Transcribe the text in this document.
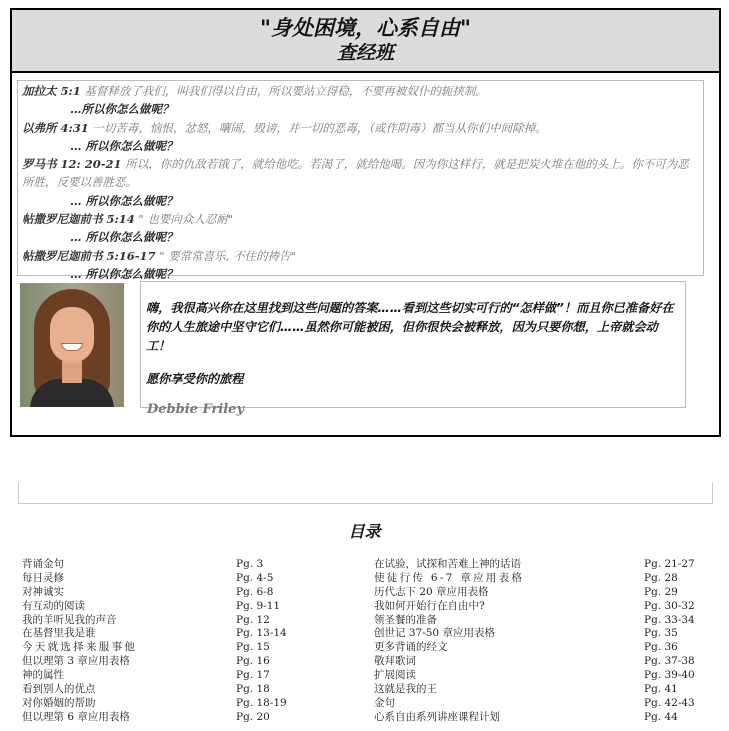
"身处困境，心系自由"
查经班
加拉太 5:1 基督释放了我们，叫我们得以自由，所以要站立得稳，不要再被奴仆的轭挟制。
…所以你怎么做呢？
以弗所 4:31 一切苦毒，恼恨，忿怒，嚷闹，毁谤，并一切的恶毒，（或作阴毒）都当从你们中间除掉。
… 所以你怎么做呢？
罗马书 12: 20-21 所以，你的仇敌若饿了，就给他吃。若渴了，就给他喝。因为你这样行，就是把炭火堆在他的头上。你不可为恶所胜，反要以善胜恶。
… 所以你怎么做呢？
帖撒罗尼迦前书 5:14 " 也要向众人忍耐"
… 所以你怎么做呢？
帖撒罗尼迦前书 5:16-17 " 要常常喜乐, 不住的祷告"
… 所以你怎么做呢？
嗨，我很高兴你在这里找到这些问题的答案……看到这些切实可行的“怎样做”！而且你已准备好在你的人生旅途中坚守它们……虽然你可能被困，但你很快会被释放，因为只要你想，上帝就会动工！
愿你享受你的旅程
Debbie Friley
目录
背诵金句	Pg. 3
每日灵修	Pg. 4-5
对神诚实	Pg. 6-8
有互动的阅读	Pg. 9-11
我的羊听见我的声音	Pg. 12
在基督里我是谁	Pg. 13-14
今天就选择来服事他	Pg. 15
但以理第 3 章应用表格	Pg. 16
神的属性	Pg. 17
看到别人的优点	Pg. 18
对你婚姻的帮助	Pg. 18-19
但以理第 6 章应用表格	Pg. 20
在试验，试探和苦难上神的话语	Pg. 21-27
使徒行传 6-7 章应用表格	Pg. 28
历代志下 20 章应用表格	Pg. 29
我如何开始行在自由中?	Pg. 30-32
领圣餐的准备	Pg. 33-34
创世记 37-50 章应用表格	Pg. 35
更多背诵的经文	Pg. 36
敬拜歌词	Pg. 37-38
扩展阅读	Pg. 39-40
这就是我的王	Pg. 41
金句	Pg. 42-43
心系自由系列讲座课程计划	Pg. 44
